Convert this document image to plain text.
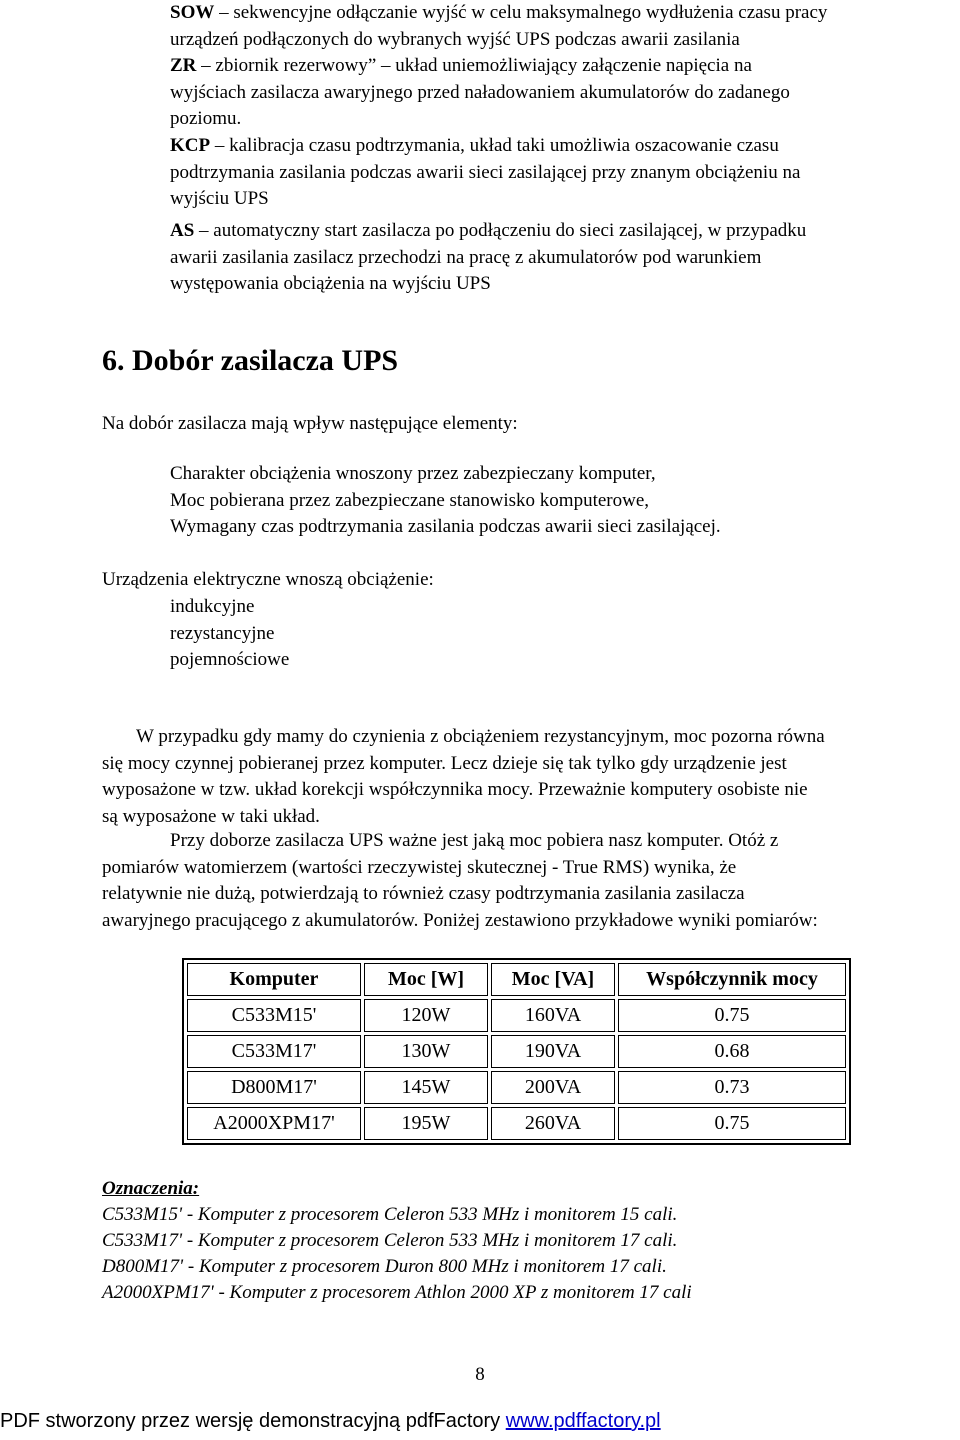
SOW – sekwencyjne odłączanie wyjść w celu maksymalnego wydłużenia czasu pracy
urządzeń podłączonych do wybranych wyjść UPS podczas awarii zasilania
ZR – zbiornik rezerwowy” – układ uniemożliwiający załączenie napięcia na
wyjściach zasilacza awaryjnego przed naładowaniem akumulatorów do zadanego
poziomu.
KCP – kalibracja czasu podtrzymania, układ taki umożliwia oszacowanie czasu
podtrzymania zasilania podczas awarii sieci zasilającej przy znanym obciążeniu na
wyjściu UPS
AS – automatyczny start zasilacza po podłączeniu do sieci zasilającej, w przypadku
awarii zasilania zasilacz przechodzi na pracę z akumulatorów pod warunkiem
występowania obciążenia na wyjściu UPS
6. Dobór zasilacza UPS
Na dobór zasilacza mają wpływ następujące elementy:
Charakter obciążenia wnoszony przez zabezpieczany komputer,
Moc pobierana przez zabezpieczane stanowisko komputerowe,
Wymagany czas podtrzymania zasilania podczas awarii sieci zasilającej.
Urządzenia elektryczne wnoszą obciążenie:
indukcyjne
rezystancyjne
pojemnościowe
W przypadku gdy mamy do czynienia z obciążeniem rezystancyjnym, moc pozorna równa
się mocy czynnej pobieranej przez komputer. Lecz dzieje się tak tylko gdy urządzenie jest
wyposażone w tzw. układ korekcji współczynnika mocy. Przeważnie komputery osobiste nie
są wyposażone w taki układ.
Przy doborze zasilacza UPS ważne jest jaką moc pobiera nasz komputer. Otóż z
pomiarów watomierzem (wartości rzeczywistej skutecznej - True RMS) wynika, że
relatywnie nie dużą, potwierdzają to również czasy podtrzymania zasilania zasilacza
awaryjnego pracującego z akumulatorów. Poniżej zestawiono przykładowe wyniki pomiarów:
Komputer	Moc [W]	Moc [VA]	Współczynnik mocy
C533M15'	120W	160VA	0.75
C533M17'	130W	190VA	0.68
D800M17'	145W	200VA	0.73
A2000XPM17'	195W	260VA	0.75
Oznaczenia:
C533M15' - Komputer z procesorem Celeron 533 MHz i monitorem 15 cali.
C533M17' - Komputer z procesorem Celeron 533 MHz i monitorem 17 cali.
D800M17' - Komputer z procesorem Duron 800 MHz i monitorem 17 cali.
A2000XPM17' - Komputer z procesorem Athlon 2000 XP z monitorem 17 cali
8
PDF stworzony przez wersję demonstracyjną pdfFactory www.pdffactory.pl
